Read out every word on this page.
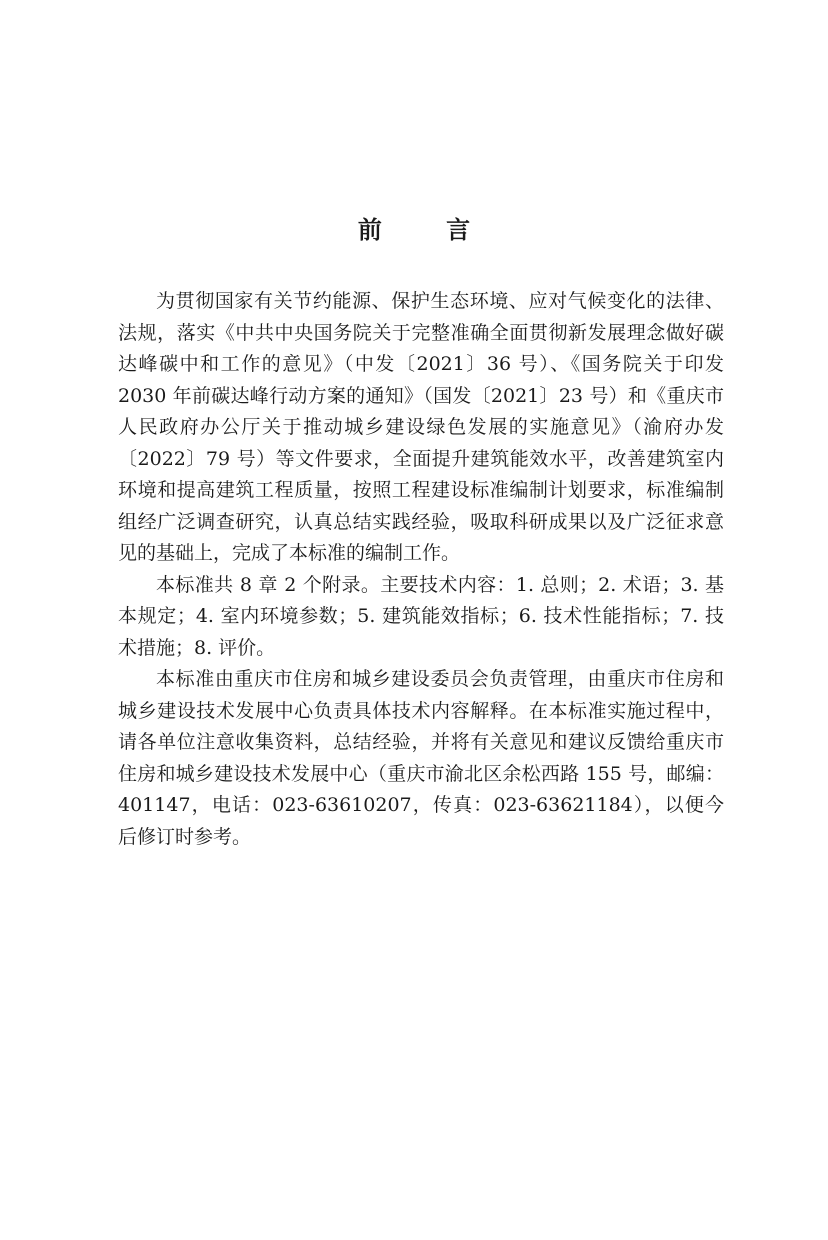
前 言

为贯彻国家有关节约能源、保护生态环境、应对气候变化的法律、法规，落实《中共中央国务院关于完整准确全面贯彻新发展理念做好碳达峰碳中和工作的意见》（中发〔2021〕36 号）、《国务院关于印发 2030 年前碳达峰行动方案的通知》（国发〔2021〕23 号）和《重庆市人民政府办公厅关于推动城乡建设绿色发展的实施意见》（渝府办发〔2022〕79 号）等文件要求，全面提升建筑能效水平，改善建筑室内环境和提高建筑工程质量，按照工程建设标准编制计划要求，标准编制组经广泛调查研究，认真总结实践经验，吸取科研成果以及广泛征求意见的基础上，完成了本标准的编制工作。

本标准共 8 章 2 个附录。主要技术内容：1. 总则；2. 术语；3. 基本规定；4. 室内环境参数；5. 建筑能效指标；6. 技术性能指标；7. 技术措施；8. 评价。

本标准由重庆市住房和城乡建设委员会负责管理，由重庆市住房和城乡建设技术发展中心负责具体技术内容解释。在本标准实施过程中，请各单位注意收集资料，总结经验，并将有关意见和建议反馈给重庆市住房和城乡建设技术发展中心（重庆市渝北区余松西路 155 号，邮编：401147，电话：023-63610207，传真：023-63621184），以便今后修订时参考。
